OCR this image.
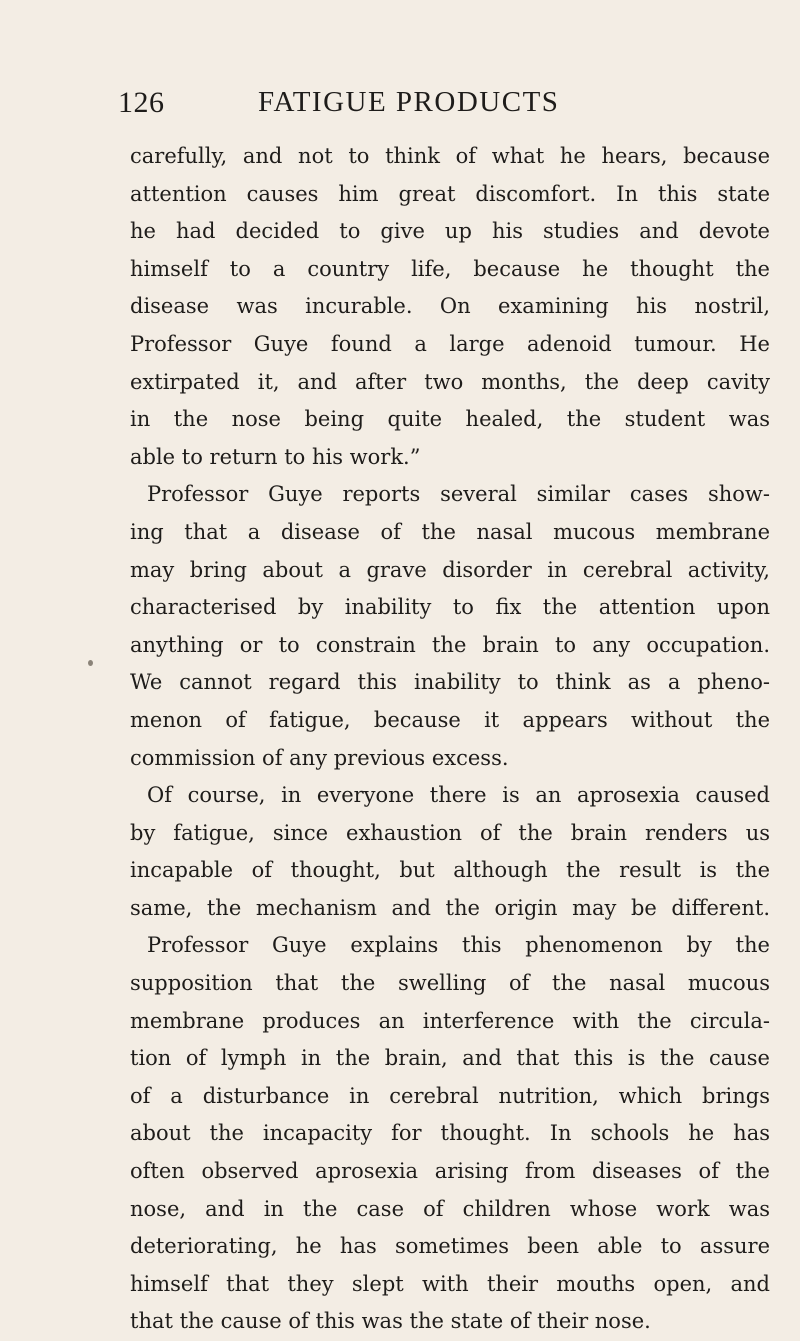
126	FATIGUE PRODUCTS
carefully, and not to think of what he hears, because
attention causes him great discomfort. In this state
he had decided to give up his studies and devote
himself to a country life, because he thought the
disease was incurable. On examining his nostril,
Professor Guye found a large adenoid tumour. He
extirpated it, and after two months, the deep cavity
in the nose being quite healed, the student was
able to return to his work.”
Professor Guye reports several similar cases show-
ing that a disease of the nasal mucous membrane
may bring about a grave disorder in cerebral activity,
characterised by inability to fix the attention upon
anything or to constrain the brain to any occupation.
We cannot regard this inability to think as a pheno-
menon of fatigue, because it appears without the
commission of any previous excess.
Of course, in everyone there is an aprosexia caused
by fatigue, since exhaustion of the brain renders us
incapable of thought, but although the result is the
same, the mechanism and the origin may be different.
Professor Guye explains this phenomenon by the
supposition that the swelling of the nasal mucous
membrane produces an interference with the circula-
tion of lymph in the brain, and that this is the cause
of a disturbance in cerebral nutrition, which brings
about the incapacity for thought. In schools he has
often observed aprosexia arising from diseases of the
nose, and in the case of children whose work was
deteriorating, he has sometimes been able to assure
himself that they slept with their mouths open, and
that the cause of this was the state of their nose.
